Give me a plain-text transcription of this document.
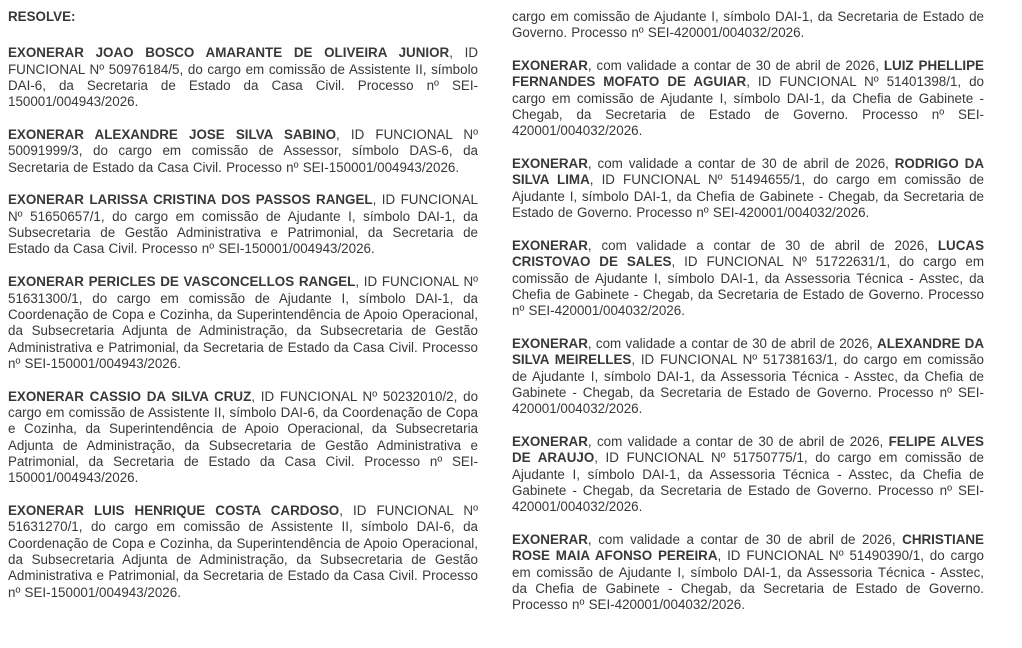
RESOLVE:

EXONERAR JOAO BOSCO AMARANTE DE OLIVEIRA JUNIOR, ID FUNCIONAL Nº 50976184/5, do cargo em comissão de Assistente II, símbolo DAI-6, da Secretaria de Estado da Casa Civil. Processo nº SEI-150001/004943/2026.

EXONERAR ALEXANDRE JOSE SILVA SABINO, ID FUNCIONAL Nº 50091999/3, do cargo em comissão de Assessor, símbolo DAS-6, da Secretaria de Estado da Casa Civil. Processo nº SEI-150001/004943/2026.

EXONERAR LARISSA CRISTINA DOS PASSOS RANGEL, ID FUNCIONAL Nº 51650657/1, do cargo em comissão de Ajudante I, símbolo DAI-1, da Subsecretaria de Gestão Administrativa e Patrimonial, da Secretaria de Estado da Casa Civil. Processo nº SEI-150001/004943/2026.

EXONERAR PERICLES DE VASCONCELLOS RANGEL, ID FUNCIONAL Nº 51631300/1, do cargo em comissão de Ajudante I, símbolo DAI-1, da Coordenação de Copa e Cozinha, da Superintendência de Apoio Operacional, da Subsecretaria Adjunta de Administração, da Subsecretaria de Gestão Administrativa e Patrimonial, da Secretaria de Estado da Casa Civil. Processo nº SEI-150001/004943/2026.

EXONERAR CASSIO DA SILVA CRUZ, ID FUNCIONAL Nº 50232010/2, do cargo em comissão de Assistente II, símbolo DAI-6, da Coordenação de Copa e Cozinha, da Superintendência de Apoio Operacional, da Subsecretaria Adjunta de Administração, da Subsecretaria de Gestão Administrativa e Patrimonial, da Secretaria de Estado da Casa Civil. Processo nº SEI-150001/004943/2026.

EXONERAR LUIS HENRIQUE COSTA CARDOSO, ID FUNCIONAL Nº 51631270/1, do cargo em comissão de Assistente II, símbolo DAI-6, da Coordenação de Copa e Cozinha, da Superintendência de Apoio Operacional, da Subsecretaria Adjunta de Administração, da Subsecretaria de Gestão Administrativa e Patrimonial, da Secretaria de Estado da Casa Civil. Processo nº SEI-150001/004943/2026.

cargo em comissão de Ajudante I, símbolo DAI-1, da Secretaria de Estado de Governo. Processo nº SEI-420001/004032/2026.

EXONERAR, com validade a contar de 30 de abril de 2026, LUIZ PHELLIPE FERNANDES MOFATO DE AGUIAR, ID FUNCIONAL Nº 51401398/1, do cargo em comissão de Ajudante I, símbolo DAI-1, da Chefia de Gabinete - Chegab, da Secretaria de Estado de Governo. Processo nº SEI-420001/004032/2026.

EXONERAR, com validade a contar de 30 de abril de 2026, RODRIGO DA SILVA LIMA, ID FUNCIONAL Nº 51494655/1, do cargo em comissão de Ajudante I, símbolo DAI-1, da Chefia de Gabinete - Chegab, da Secretaria de Estado de Governo. Processo nº SEI-420001/004032/2026.

EXONERAR, com validade a contar de 30 de abril de 2026, LUCAS CRISTOVAO DE SALES, ID FUNCIONAL Nº 51722631/1, do cargo em comissão de Ajudante I, símbolo DAI-1, da Assessoria Técnica - Asstec, da Chefia de Gabinete - Chegab, da Secretaria de Estado de Governo. Processo nº SEI-420001/004032/2026.

EXONERAR, com validade a contar de 30 de abril de 2026, ALEXANDRE DA SILVA MEIRELLES, ID FUNCIONAL Nº 51738163/1, do cargo em comissão de Ajudante I, símbolo DAI-1, da Assessoria Técnica - Asstec, da Chefia de Gabinete - Chegab, da Secretaria de Estado de Governo. Processo nº SEI-420001/004032/2026.

EXONERAR, com validade a contar de 30 de abril de 2026, FELIPE ALVES DE ARAUJO, ID FUNCIONAL Nº 51750775/1, do cargo em comissão de Ajudante I, símbolo DAI-1, da Assessoria Técnica - Asstec, da Chefia de Gabinete - Chegab, da Secretaria de Estado de Governo. Processo nº SEI-420001/004032/2026.

EXONERAR, com validade a contar de 30 de abril de 2026, CHRISTIANE ROSE MAIA AFONSO PEREIRA, ID FUNCIONAL Nº 51490390/1, do cargo em comissão de Ajudante I, símbolo DAI-1, da Assessoria Técnica - Asstec, da Chefia de Gabinete - Chegab, da Secretaria de Estado de Governo. Processo nº SEI-420001/004032/2026.
